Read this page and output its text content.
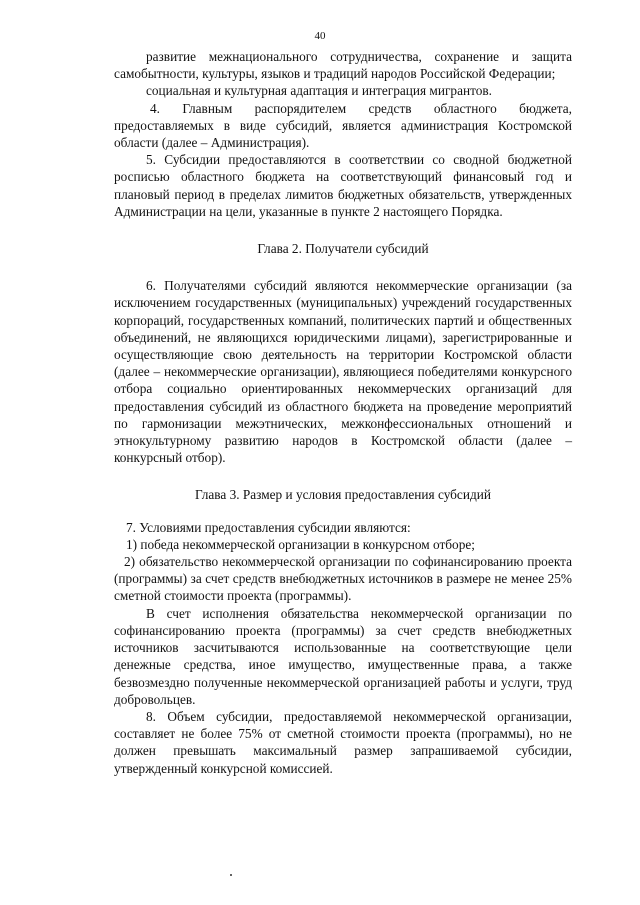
40

развитие межнационального сотрудничества, сохранение и защита самобытности, культуры, языков и традиций народов Российской Федерации;

социальная и культурная адаптация и интеграция мигрантов.

4. Главным распорядителем средств областного бюджета, предоставляемых в виде субсидий, является администрация Костромской области (далее – Администрация).

5. Субсидии предоставляются в соответствии со сводной бюджетной росписью областного бюджета на соответствующий финансовый год и плановый период в пределах лимитов бюджетных обязательств, утвержденных Администрации на цели, указанные в пункте 2 настоящего Порядка.

Глава 2. Получатели субсидий

6. Получателями субсидий являются некоммерческие организации (за исключением государственных (муниципальных) учреждений государственных корпораций, государственных компаний, политических партий и общественных объединений, не являющихся юридическими лицами), зарегистрированные и осуществляющие свою деятельность на территории Костромской области (далее – некоммерческие организации), являющиеся победителями конкурсного отбора социально ориентированных некоммерческих организаций для предоставления субсидий из областного бюджета на проведение мероприятий по гармонизации межэтнических, межконфессиональных отношений и этнокультурному развитию народов в Костромской области (далее – конкурсный отбор).

Глава 3. Размер и условия предоставления субсидий

7. Условиями предоставления субсидии являются:

1) победа некоммерческой организации в конкурсном отборе;

2) обязательство некоммерческой организации по софинансированию проекта (программы) за счет средств внебюджетных источников в размере не менее 25% сметной стоимости проекта (программы).

В счет исполнения обязательства некоммерческой организации по софинансированию проекта (программы) за счет средств внебюджетных источников засчитываются использованные на соответствующие цели денежные средства, иное имущество, имущественные права, а также безвозмездно полученные некоммерческой организацией работы и услуги, труд добровольцев.

8. Объем субсидии, предоставляемой некоммерческой организации, составляет не более 75% от сметной стоимости проекта (программы), но не должен превышать максимальный размер запрашиваемой субсидии, утвержденный конкурсной комиссией.
